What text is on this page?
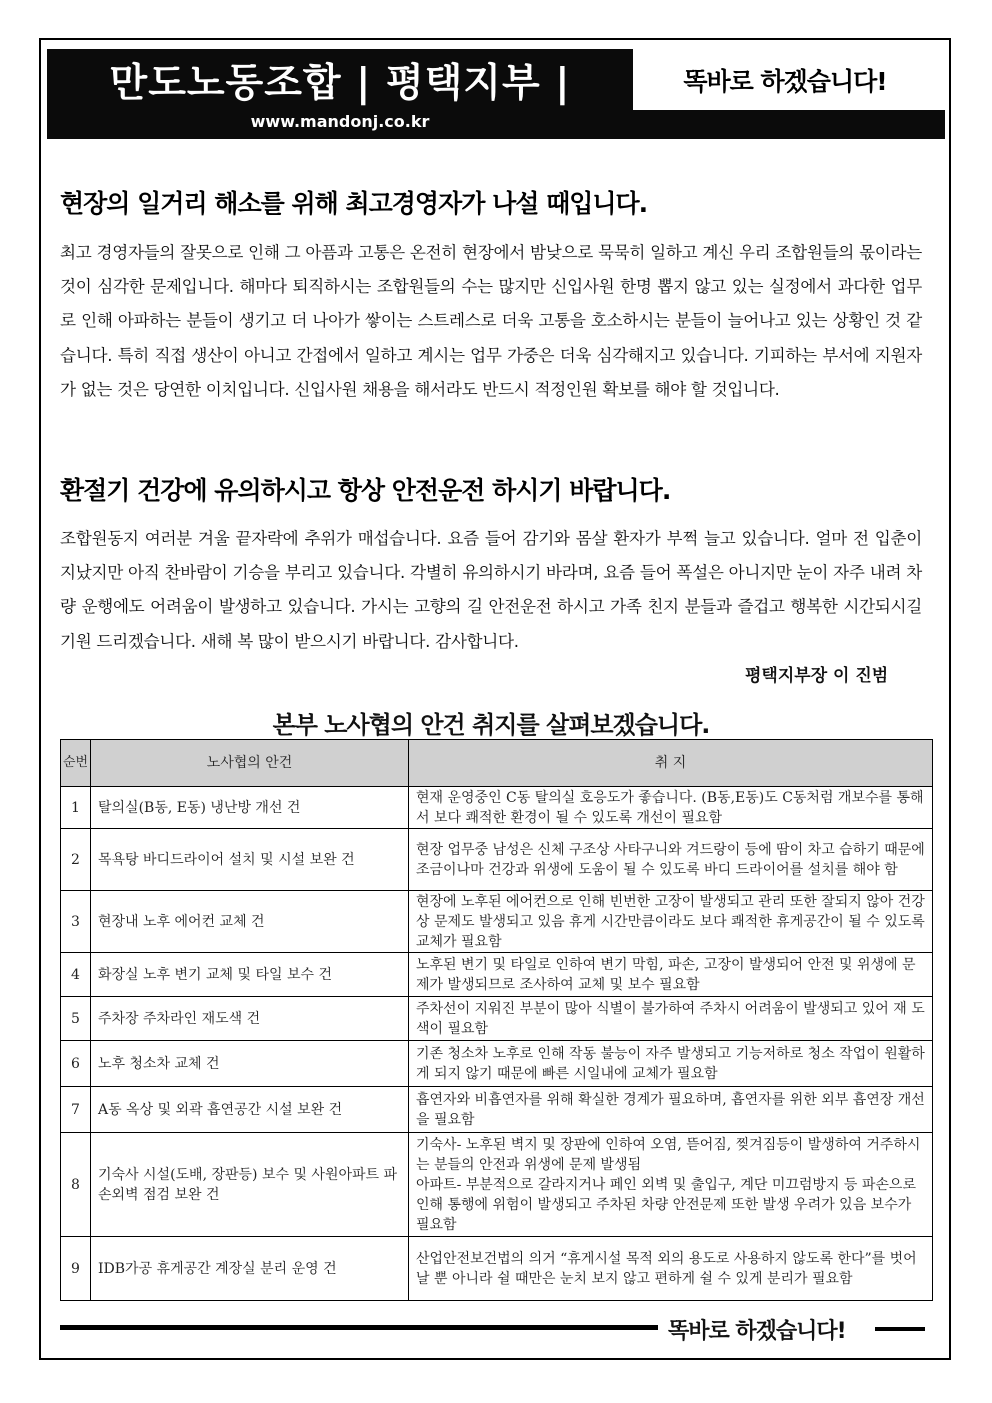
만도노동조합 | 평택지부 |
www.mandonj.co.kr
똑바로 하겠습니다!
현장의 일거리 해소를 위해 최고경영자가 나설 때입니다.

최고 경영자들의 잘못으로 인해 그 아픔과 고통은 온전히 현장에서 밤낮으로 묵묵히 일하고 계신 우리 조합원들의 몫이라는 것이 심각한 문제입니다. 해마다 퇴직하시는 조합원들의 수는 많지만 신입사원 한명 뽑지 않고 있는 실정에서 과다한 업무로 인해 아파하는 분들이 생기고 더 나아가 쌓이는 스트레스로 더욱 고통을 호소하시는 분들이 늘어나고 있는 상황인 것 같습니다. 특히 직접 생산이 아니고 간접에서 일하고 계시는 업무 가중은 더욱 심각해지고 있습니다. 기피하는 부서에 지원자가 없는 것은 당연한 이치입니다. 신입사원 채용을 해서라도 반드시 적정인원 확보를 해야 할 것입니다.

환절기 건강에 유의하시고 항상 안전운전 하시기 바랍니다.

조합원동지 여러분 겨울 끝자락에 추위가 매섭습니다. 요즘 들어 감기와 몸살 환자가 부쩍 늘고 있습니다. 얼마 전 입춘이 지났지만 아직 찬바람이 기승을 부리고 있습니다. 각별히 유의하시기 바라며, 요즘 들어 폭설은 아니지만 눈이 자주 내려 차량 운행에도 어려움이 발생하고 있습니다. 가시는 고향의 길 안전운전 하시고 가족 친지 분들과 즐겁고 행복한 시간되시길 기원 드리겠습니다. 새해 복 많이 받으시기 바랍니다. 감사합니다.

평택지부장 이 진범
본부 노사협의 안건 취지를 살펴보겠습니다.
순번	노사협의 안건	취 지
1	탈의실(B동, E동) 냉난방 개선 건	현재 운영중인 C동 탈의실 호응도가 좋습니다. (B동,E동)도 C동처럼 개보수를 통해서 보다 쾌적한 환경이 될 수 있도록 개선이 필요함
2	목욕탕 바디드라이어 설치 및 시설 보완 건	현장 업무중 남성은 신체 구조상 사타구니와 겨드랑이 등에 땀이 차고 습하기 때문에 조금이나마 건강과 위생에 도움이 될 수 있도록 바디 드라이어를 설치를 해야 함
3	현장내 노후 에어컨 교체 건	현장에 노후된 에어컨으로 인해 빈번한 고장이 발생되고 관리 또한 잘되지 않아 건강상 문제도 발생되고 있음 휴게 시간만큼이라도 보다 쾌적한 휴게공간이 될 수 있도록 교체가 필요함
4	화장실 노후 변기 교체 및 타일 보수 건	노후된 변기 및 타일로 인하여 변기 막힘, 파손, 고장이 발생되어 안전 및 위생에 문제가 발생되므로 조사하여 교체 및 보수 필요함
5	주차장 주차라인 재도색 건	주차선이 지워진 부분이 많아 식별이 불가하여 주차시 어려움이 발생되고 있어 재 도색이 필요함
6	노후 청소차 교체 건	기존 청소차 노후로 인해 작동 불능이 자주 발생되고 기능저하로 청소 작업이 원활하게 되지 않기 때문에 빠른 시일내에 교체가 필요함
7	A동 옥상 및 외곽 흡연공간 시설 보완 건	흡연자와 비흡연자를 위해 확실한 경계가 필요하며, 흡연자를 위한 외부 흡연장 개선을 필요함
8	기숙사 시설(도배, 장판등) 보수 및 사원아파트 파손외벽 점검 보완 건	기숙사- 노후된 벽지 및 장판에 인하여 오염, 뜯어짐, 찢겨짐등이 발생하여 거주하시는 분들의 안전과 위생에 문제 발생됨
아파트- 부분적으로 갈라지거나 페인 외벽 및 출입구, 계단 미끄럼방지 등 파손으로 인해 통행에 위험이 발생되고 주차된 차량 안전문제 또한 발생 우려가 있음 보수가 필요함
9	IDB가공 휴게공간 계장실 분리 운영 건	산업안전보건법의 의거 “휴게시설 목적 외의 용도로 사용하지 않도록 한다”를 벗어날 뿐 아니라 쉴 때만은 눈치 보지 않고 편하게 쉴 수 있게 분리가 필요함
똑바로 하겠습니다!
